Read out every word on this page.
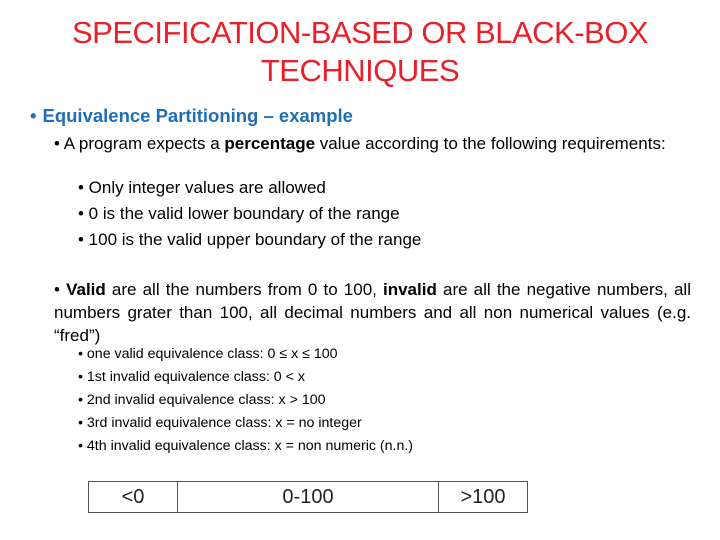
SPECIFICATION-BASED OR BLACK-BOX
TECHNIQUES
• Equivalence Partitioning – example
• A program expects a percentage value according to the following requirements:
• Only integer values are allowed
• 0 is the valid lower boundary of the range
• 100 is the valid upper boundary of the range
• Valid are all the numbers from 0 to 100, invalid are all the negative numbers, all numbers grater than 100, all decimal numbers and all non numerical values (e.g. “fred”)
• one valid equivalence class: 0 ≤ x ≤ 100
• 1st invalid equivalence class: 0 < x
• 2nd invalid equivalence class: x > 100
• 3rd invalid equivalence class: x = no integer
• 4th invalid equivalence class: x = non numeric (n.n.)
<0	0-100	>100
